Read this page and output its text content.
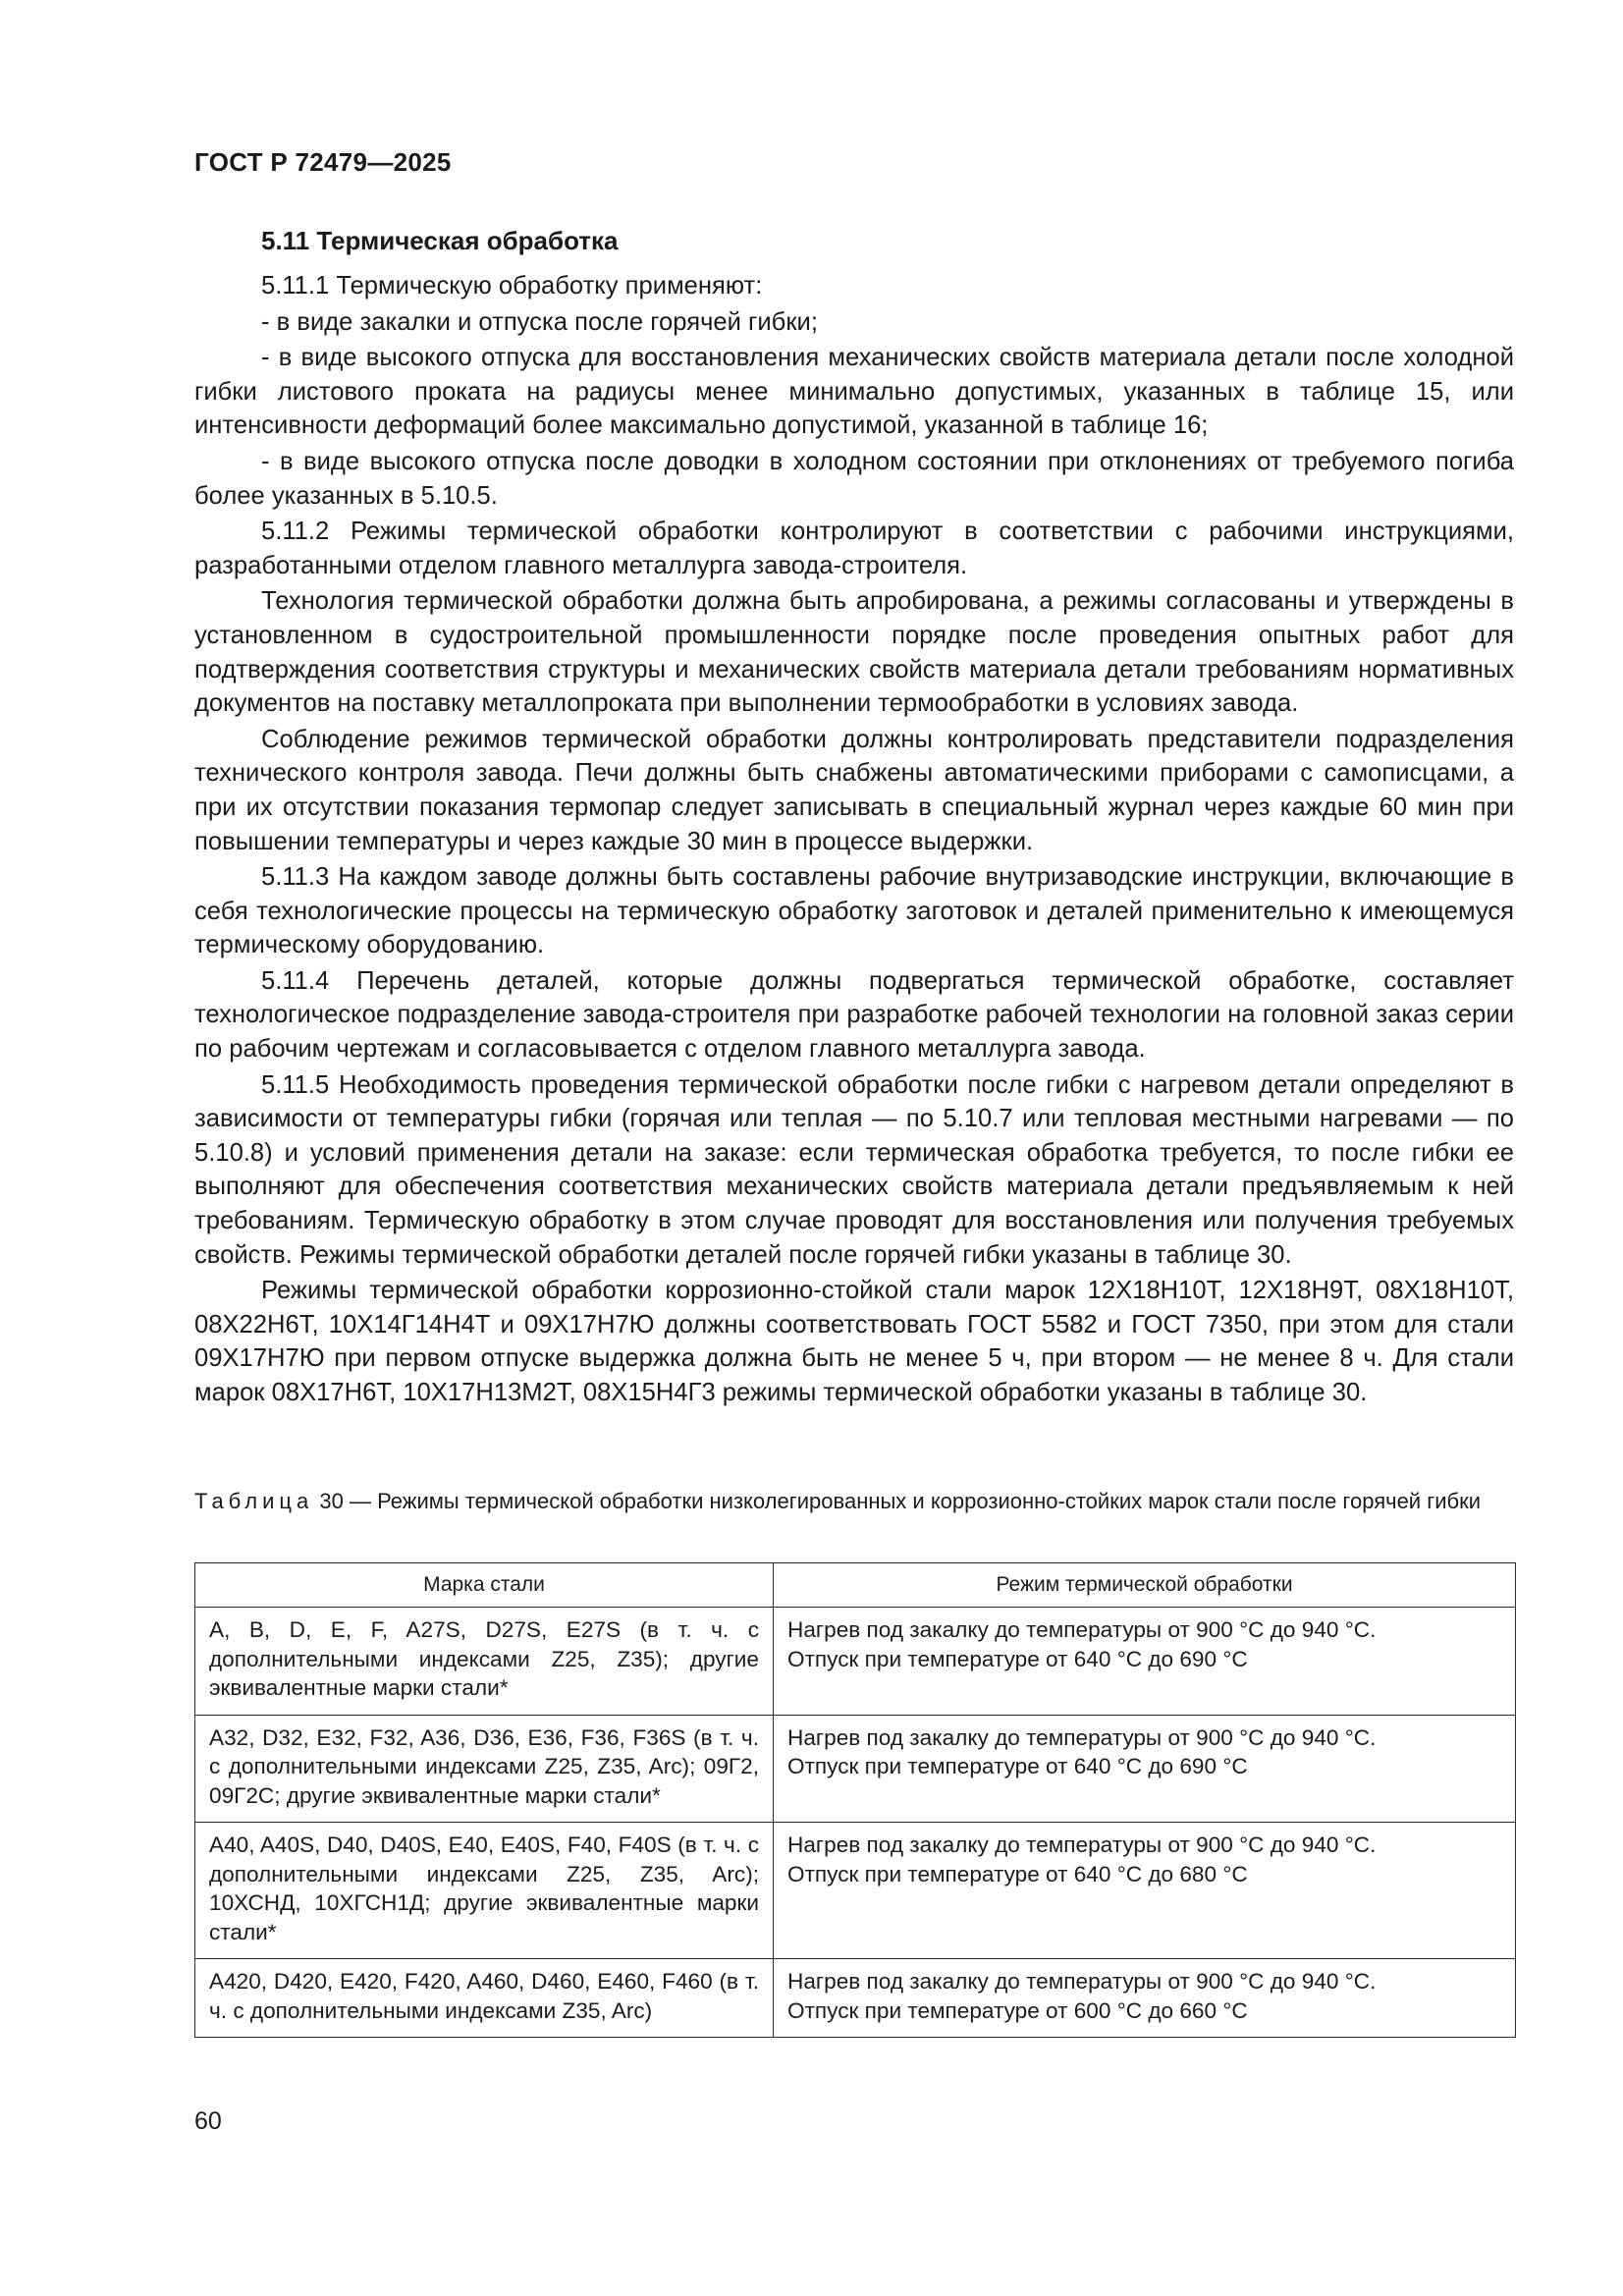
ГОСТ Р 72479—2025
5.11 Термическая обработка

5.11.1 Термическую обработку применяют:

- в виде закалки и отпуска после горячей гибки;

- в виде высокого отпуска для восстановления механических свойств материала детали после холодной гибки листового проката на радиусы менее минимально допустимых, указанных в таблице 15, или интенсивности деформаций более максимально допустимой, указанной в таблице 16;

- в виде высокого отпуска после доводки в холодном состоянии при отклонениях от требуемого погиба более указанных в 5.10.5.

5.11.2 Режимы термической обработки контролируют в соответствии с рабочими инструкциями, разработанными отделом главного металлурга завода-строителя.

Технология термической обработки должна быть апробирована, а режимы согласованы и утверждены в установленном в судостроительной промышленности порядке после проведения опытных работ для подтверждения соответствия структуры и механических свойств материала детали требованиям нормативных документов на поставку металлопроката при выполнении термообработки в условиях завода.

Соблюдение режимов термической обработки должны контролировать представители подразделения технического контроля завода. Печи должны быть снабжены автоматическими приборами с самописцами, а при их отсутствии показания термопар следует записывать в специальный журнал через каждые 60 мин при повышении температуры и через каждые 30 мин в процессе выдержки.

5.11.3 На каждом заводе должны быть составлены рабочие внутризаводские инструкции, включающие в себя технологические процессы на термическую обработку заготовок и деталей применительно к имеющемуся термическому оборудованию.

5.11.4 Перечень деталей, которые должны подвергаться термической обработке, составляет технологическое подразделение завода-строителя при разработке рабочей технологии на головной заказ серии по рабочим чертежам и согласовывается с отделом главного металлурга завода.

5.11.5 Необходимость проведения термической обработки после гибки с нагревом детали определяют в зависимости от температуры гибки (горячая или теплая — по 5.10.7 или тепловая местными нагревами — по 5.10.8) и условий применения детали на заказе: если термическая обработка требуется, то после гибки ее выполняют для обеспечения соответствия механических свойств материала детали предъявляемым к ней требованиям. Термическую обработку в этом случае проводят для восстановления или получения требуемых свойств. Режимы термической обработки деталей после горячей гибки указаны в таблице 30.

Режимы термической обработки коррозионно-стойкой стали марок 12Х18Н10Т, 12Х18Н9Т, 08Х18Н10Т, 08Х22Н6Т, 10Х14Г14Н4Т и 09Х17Н7Ю должны соответствовать ГОСТ 5582 и ГОСТ 7350, при этом для стали 09Х17Н7Ю при первом отпуске выдержка должна быть не менее 5 ч, при втором — не менее 8 ч. Для стали марок 08Х17Н6Т, 10Х17Н13М2Т, 08Х15Н4Г3 режимы термической обработки указаны в таблице 30.

Таблица 30 — Режимы термической обработки низколегированных и коррозионно-стойких марок стали после горячей гибки
Марка стали	Режим термической обработки
A, B, D, E, F, A27S, D27S, E27S (в т. ч. с дополнительными индексами Z25, Z35); другие эквивалентные марки стали*	Нагрев под закалку до температуры от 900 °С до 940 °С.
Отпуск при температуре от 640 °С до 690 °С

A32, D32, E32, F32, A36, D36, E36, F36, F36S (в т. ч. с дополнительными индексами Z25, Z35, Arc); 09Г2, 09Г2С; другие эквивалентные марки стали*	Нагрев под закалку до температуры от 900 °С до 940 °С.
Отпуск при температуре от 640 °С до 690 °С

A40, A40S, D40, D40S, E40, E40S, F40, F40S (в т. ч. с дополнительными индексами Z25, Z35, Arc); 10ХСНД, 10ХГСН1Д; другие эквивалентные марки стали*	Нагрев под закалку до температуры от 900 °С до 940 °С.
Отпуск при температуре от 640 °С до 680 °С

A420, D420, E420, F420, A460, D460, E460, F460 (в т. ч. с дополнительными индексами Z35, Arc)	Нагрев под закалку до температуры от 900 °С до 940 °С.
Отпуск при температуре от 600 °С до 660 °С
60
